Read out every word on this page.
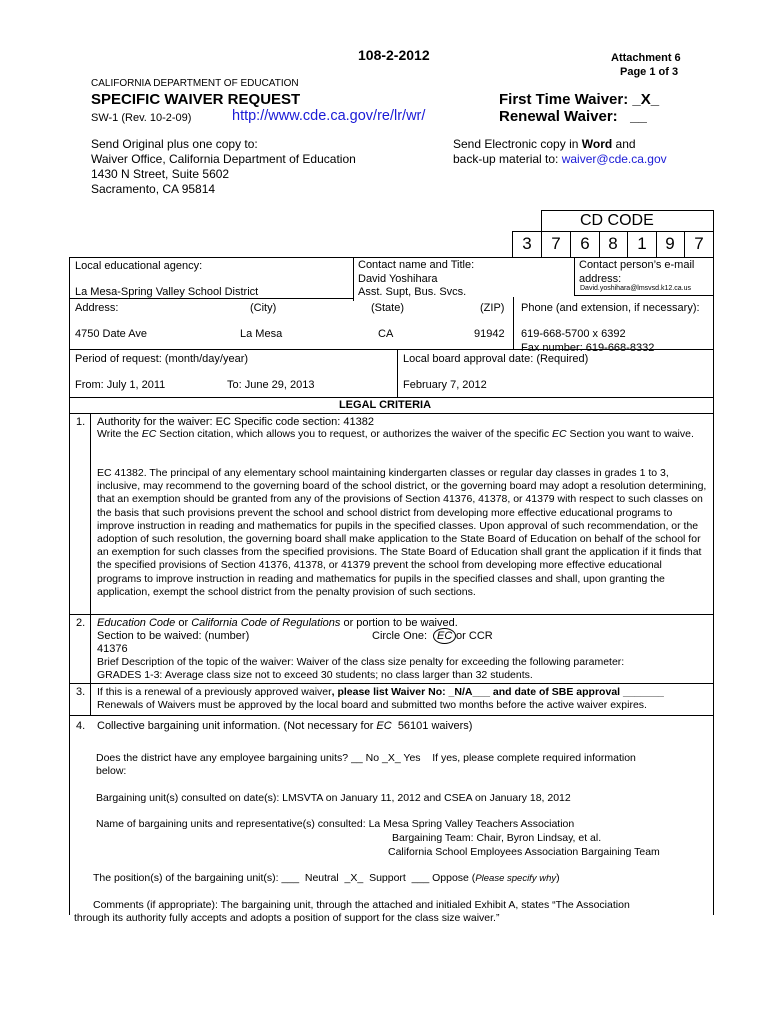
108-2-2012	Attachment 6
Page 1 of 3
CALIFORNIA DEPARTMENT OF EDUCATION
SPECIFIC WAIVER REQUEST
SW-1 (Rev. 10-2-09)	http://www.cde.ca.gov/re/lr/wr/
First Time Waiver: _X_
Renewal Waiver:   __
Send Original plus one copy to:
Waiver Office, California Department of Education
1430 N Street, Suite 5602
Sacramento, CA 95814
Send Electronic copy in Word and
back-up material to: waiver@cde.ca.gov
CD CODE
3	7	6	8	1	9	7
Local educational agency:
La Mesa-Spring Valley School District
Contact name and Title:
David Yoshihara
Asst. Supt, Bus. Svcs.
Contact person’s e-mail
address:
David.yoshihara@lmsvsd.k12.ca.us
Address:	(City)	(State)	(ZIP) Phone (and extension, if necessary):
4750 Date Ave	La Mesa	CA	91942 619-668-5700 x 6392
Fax number: 619-668-8332
Period of request: (month/day/year)
From: July 1, 2011	To: June 29, 2013
Local board approval date: (Required)
February 7, 2012
LEGAL CRITERIA
1. Authority for the waiver: EC Specific code section: 41382
Write the EC Section citation, which allows you to request, or authorizes the waiver of the specific EC Section you want to waive.
EC 41382. The principal of any elementary school maintaining kindergarten classes or regular day classes in grades 1 to 3, inclusive, may recommend to the governing board of the school district, or the governing board may adopt a resolution determining, that an exemption should be granted from any of the provisions of Section 41376, 41378, or 41379 with respect to such classes on the basis that such provisions prevent the school and school district from developing more effective educational programs to improve instruction in reading and mathematics for pupils in the specified classes. Upon approval of such recommendation, or the adoption of such resolution, the governing board shall make application to the State Board of Education on behalf of the school for an exemption for such classes from the specified provisions. The State Board of Education shall grant the application if it finds that the specified provisions of Section 41376, 41378, or 41379 prevent the school from developing more effective educational programs to improve instruction in reading and mathematics for pupils in the specified classes and shall, upon granting the application, exempt the school district from the penalty provision of such sections.
2. Education Code or California Code of Regulations or portion to be waived.
Section to be waived: (number)	Circle One: EC or CCR
41376
Brief Description of the topic of the waiver: Waiver of the class size penalty for exceeding the following parameter:
GRADES 1-3: Average class size not to exceed 30 students; no class larger than 32 students.
3. If this is a renewal of a previously approved waiver, please list Waiver No: _N/A___ and date of SBE approval _______
Renewals of Waivers must be approved by the local board and submitted two months before the active waiver expires.
4. Collective bargaining unit information. (Not necessary for EC  56101 waivers)
Does the district have any employee bargaining units? __ No _X_ Yes    If yes, please complete required information
below:
Bargaining unit(s) consulted on date(s): LMSVTA on January 11, 2012 and CSEA on January 18, 2012
Name of bargaining units and representative(s) consulted: La Mesa Spring Valley Teachers Association
Bargaining Team: Chair, Byron Lindsay, et al.
California School Employees Association Bargaining Team
The position(s) of the bargaining unit(s): ___  Neutral  _X_  Support  ___ Oppose (Please specify why)
Comments (if appropriate): The bargaining unit, through the attached and initialed Exhibit A, states “The Association
through its authority fully accepts and adopts a position of support for the class size waiver.”
